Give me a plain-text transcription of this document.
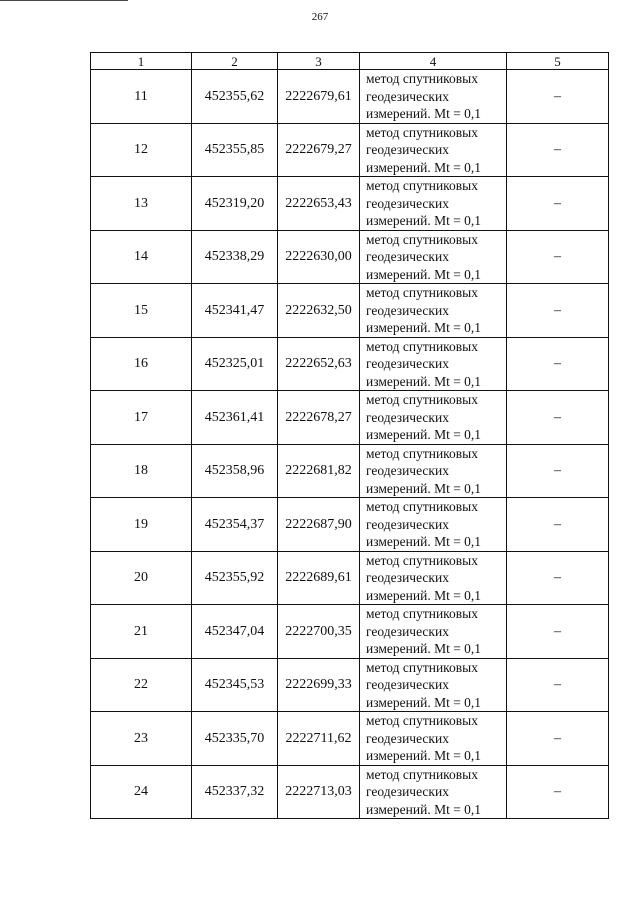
267
1	2	3	4	5
11	452355,62	2222679,61	метод спутниковых
геодезических
измерений. Mt = 0,1	–
12	452355,85	2222679,27	метод спутниковых
геодезических
измерений. Mt = 0,1	–
13	452319,20	2222653,43	метод спутниковых
геодезических
измерений. Mt = 0,1	–
14	452338,29	2222630,00	метод спутниковых
геодезических
измерений. Mt = 0,1	–
15	452341,47	2222632,50	метод спутниковых
геодезических
измерений. Mt = 0,1	–
16	452325,01	2222652,63	метод спутниковых
геодезических
измерений. Mt = 0,1	–
17	452361,41	2222678,27	метод спутниковых
геодезических
измерений. Mt = 0,1	–
18	452358,96	2222681,82	метод спутниковых
геодезических
измерений. Mt = 0,1	–
19	452354,37	2222687,90	метод спутниковых
геодезических
измерений. Mt = 0,1	–
20	452355,92	2222689,61	метод спутниковых
геодезических
измерений. Mt = 0,1	–
21	452347,04	2222700,35	метод спутниковых
геодезических
измерений. Mt = 0,1	–
22	452345,53	2222699,33	метод спутниковых
геодезических
измерений. Mt = 0,1	–
23	452335,70	2222711,62	метод спутниковых
геодезических
измерений. Mt = 0,1	–
24	452337,32	2222713,03	метод спутниковых
геодезических
измерений. Mt = 0,1	–
